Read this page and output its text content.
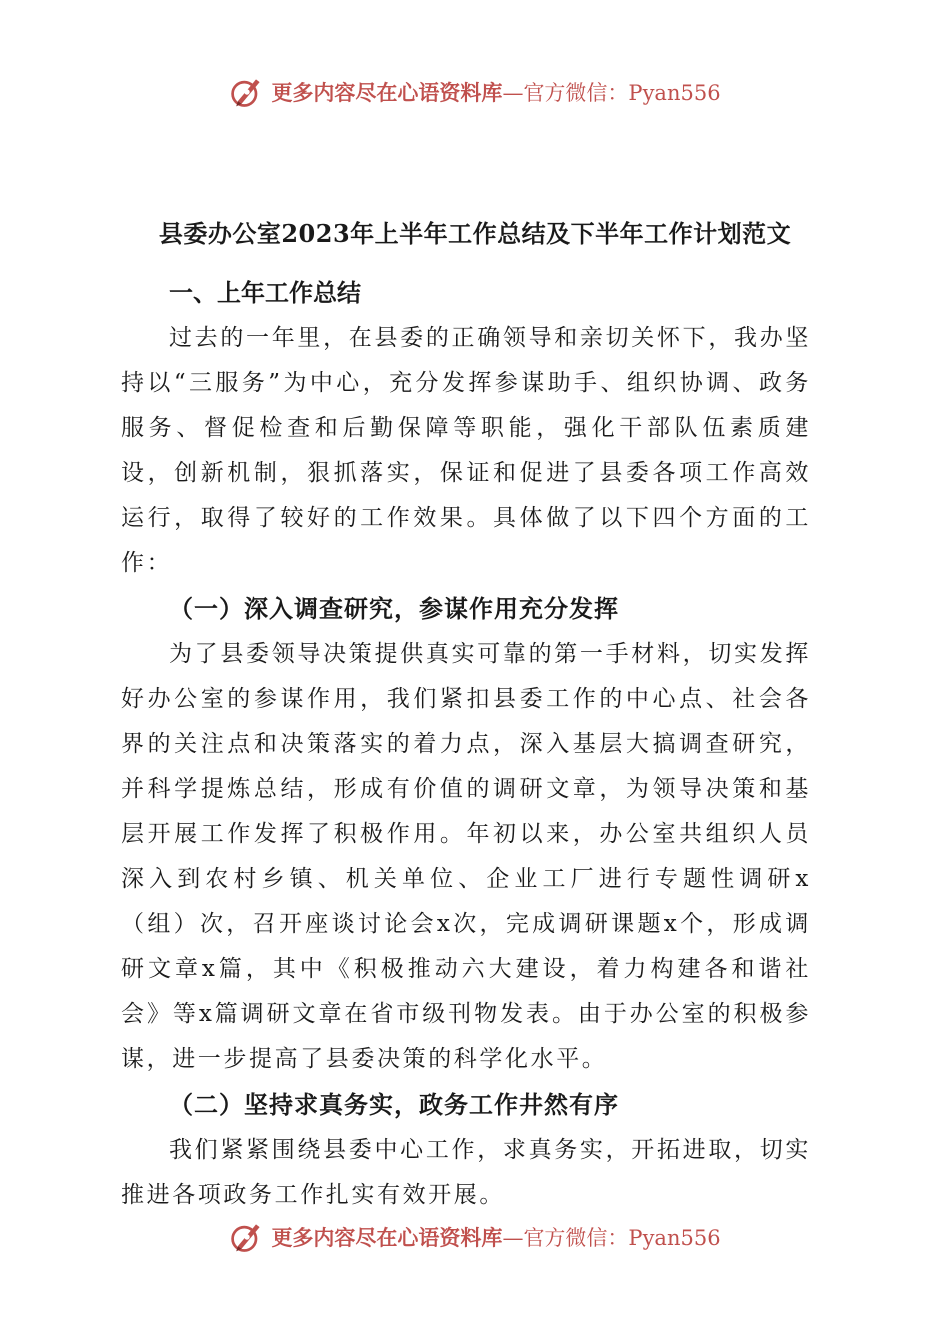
更多内容尽在心语资料库—官方微信：Pyan556
县委办公室2023年上半年工作总结及下半年工作计划范文

一、上年工作总结

过去的一年里，在县委的正确领导和亲切关怀下，我办坚持以“三服务”为中心，充分发挥参谋助手、组织协调、政务服务、督促检查和后勤保障等职能，强化干部队伍素质建设，创新机制，狠抓落实，保证和促进了县委各项工作高效运行，取得了较好的工作效果。具体做了以下四个方面的工作：

（一）深入调查研究，参谋作用充分发挥

为了县委领导决策提供真实可靠的第一手材料，切实发挥好办公室的参谋作用，我们紧扣县委工作的中心点、社会各界的关注点和决策落实的着力点，深入基层大搞调查研究，并科学提炼总结，形成有价值的调研文章，为领导决策和基层开展工作发挥了积极作用。年初以来，办公室共组织人员深入到农村乡镇、机关单位、企业工厂进行专题性调研x（组）次，召开座谈讨论会x次，完成调研课题x个，形成调研文章x篇，其中《积极推动六大建设，着力构建各和谐社会》等x篇调研文章在省市级刊物发表。由于办公室的积极参谋，进一步提高了县委决策的科学化水平。

（二）坚持求真务实，政务工作井然有序

我们紧紧围绕县委中心工作，求真务实，开拓进取，切实推进各项政务工作扎实有效开展。

更多内容尽在心语资料库—官方微信：Pyan556
